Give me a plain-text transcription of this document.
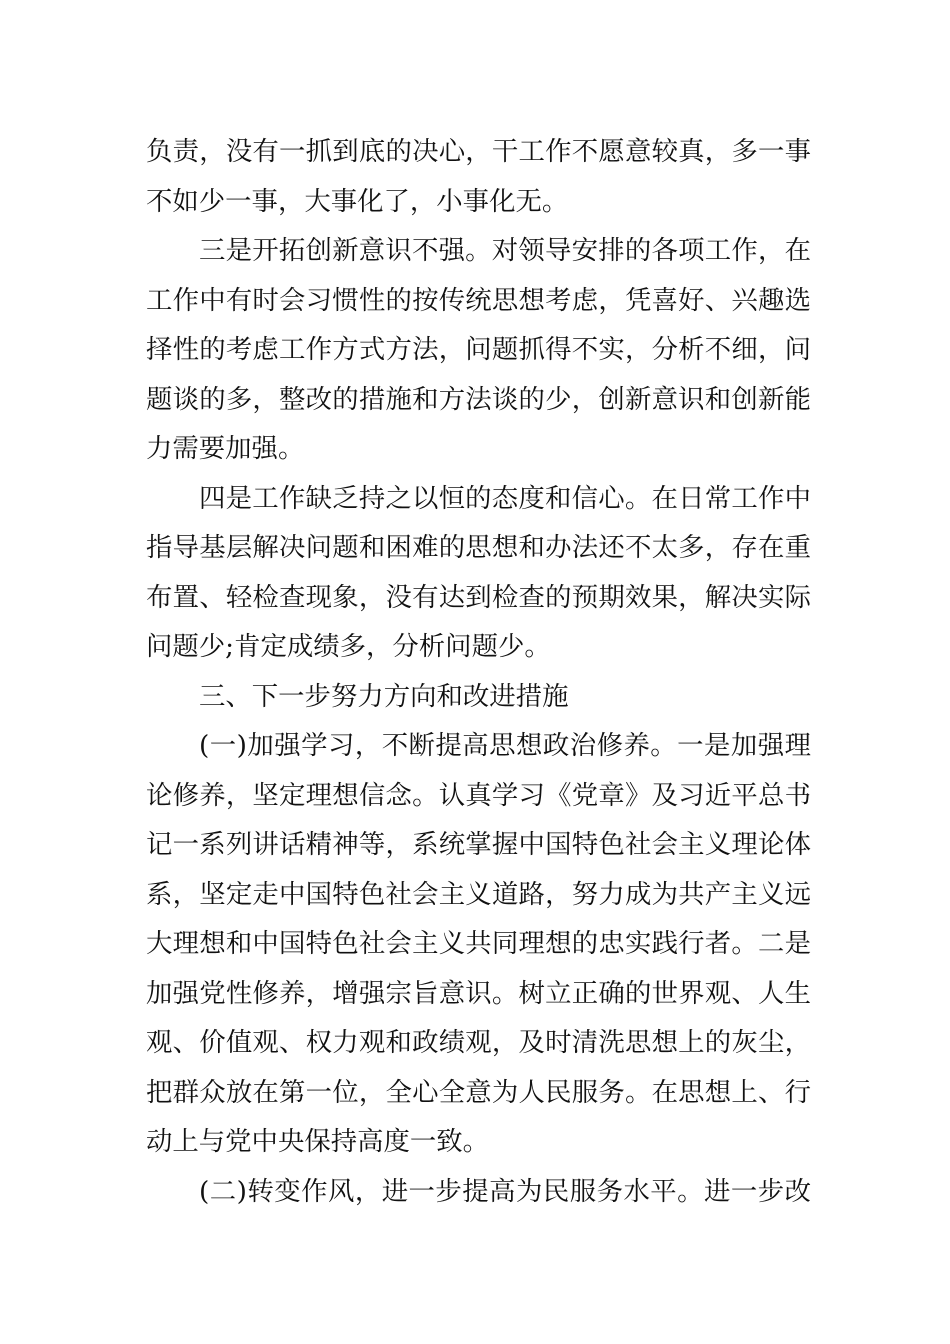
负责，没有一抓到底的决心，干工作不愿意较真，多一事
不如少一事，大事化了，小事化无。
三是开拓创新意识不强。对领导安排的各项工作，在
工作中有时会习惯性的按传统思想考虑，凭喜好、兴趣选
择性的考虑工作方式方法，问题抓得不实，分析不细，问
题谈的多，整改的措施和方法谈的少，创新意识和创新能
力需要加强。
四是工作缺乏持之以恒的态度和信心。在日常工作中
指导基层解决问题和困难的思想和办法还不太多，存在重
布置、轻检查现象，没有达到检查的预期效果，解决实际
问题少;肯定成绩多，分析问题少。
三、下一步努力方向和改进措施
(一)加强学习，不断提高思想政治修养。一是加强理
论修养，坚定理想信念。认真学习《党章》及习近平总书
记一系列讲话精神等，系统掌握中国特色社会主义理论体
系，坚定走中国特色社会主义道路，努力成为共产主义远
大理想和中国特色社会主义共同理想的忠实践行者。二是
加强党性修养，增强宗旨意识。树立正确的世界观、人生
观、价值观、权力观和政绩观，及时清洗思想上的灰尘，
把群众放在第一位，全心全意为人民服务。在思想上、行
动上与党中央保持高度一致。
(二)转变作风，进一步提高为民服务水平。进一步改
